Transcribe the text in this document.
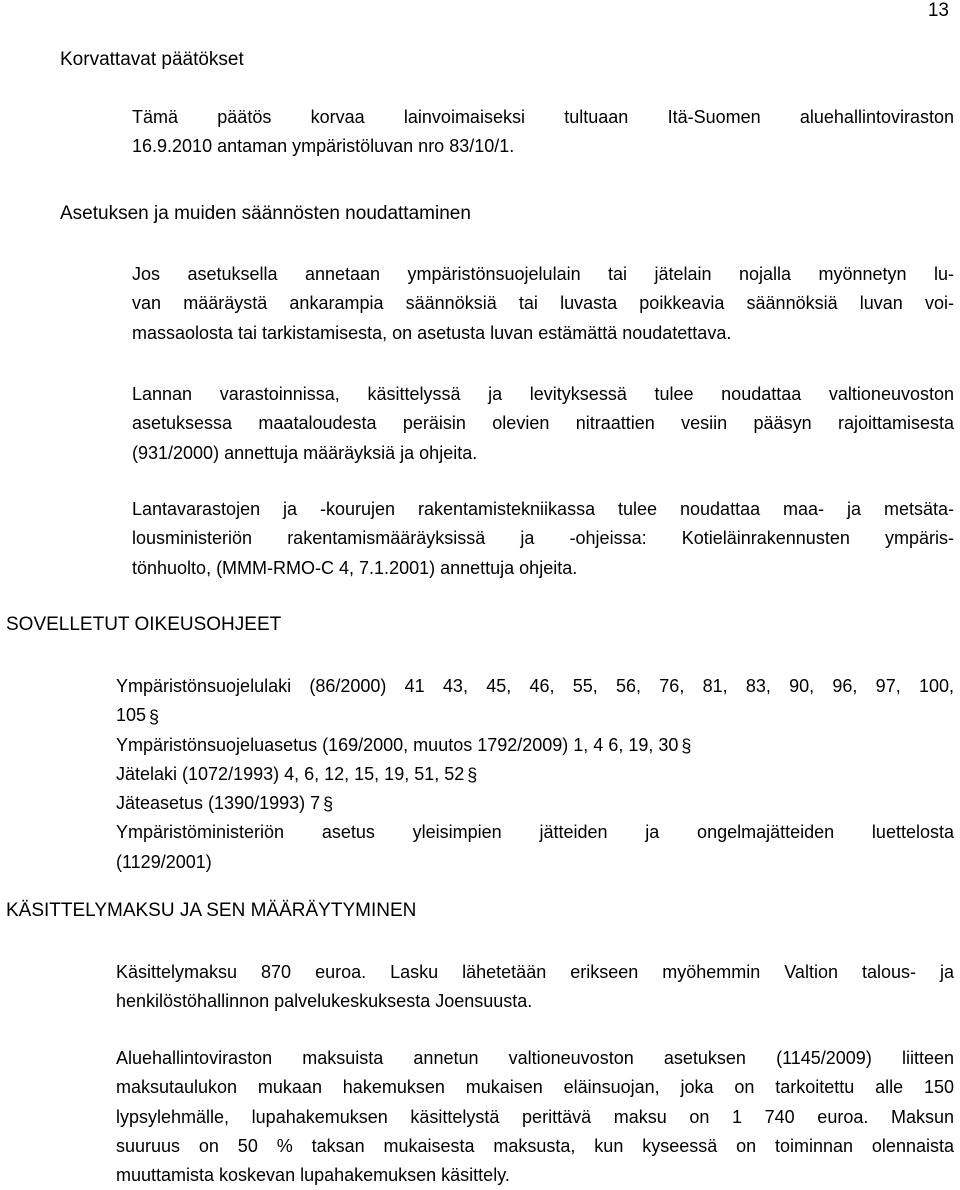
13
Korvattavat päätökset
Tämä päätös korvaa lainvoimaiseksi tultuaan Itä-Suomen aluehallintoviraston
16.9.2010 antaman ympäristöluvan nro 83/10/1.
Asetuksen ja muiden säännösten noudattaminen
Jos asetuksella annetaan ympäristönsuojelulain tai jätelain nojalla myönnetyn lu-
van määräystä ankarampia säännöksiä tai luvasta poikkeavia säännöksiä luvan voi-
massaolosta tai tarkistamisesta, on asetusta luvan estämättä noudatettava.
Lannan varastoinnissa, käsittelyssä ja levityksessä tulee noudattaa valtioneuvoston
asetuksessa maataloudesta peräisin olevien nitraattien vesiin pääsyn rajoittamisesta
(931/2000) annettuja määräyksiä ja ohjeita.
Lantavarastojen ja -kourujen rakentamistekniikassa tulee noudattaa maa- ja metsäta-
lousministeriön rakentamismääräyksissä ja -ohjeissa: Kotieläinrakennusten ympäris-
tönhuolto, (MMM-RMO-C 4, 7.1.2001) annettuja ohjeita.
SOVELLETUT OIKEUSOHJEET
Ympäristönsuojelulaki (86/2000) 41 43, 45, 46, 55, 56, 76, 81, 83, 90, 96, 97, 100,
105 §
Ympäristönsuojeluasetus (169/2000, muutos 1792/2009) 1, 4 6, 19, 30 §
Jätelaki (1072/1993) 4, 6, 12, 15, 19, 51, 52 §
Jäteasetus (1390/1993) 7 §
Ympäristöministeriön asetus yleisimpien jätteiden ja ongelmajätteiden luettelosta
(1129/2001)
KÄSITTELYMAKSU JA SEN MÄÄRÄYTYMINEN
Käsittelymaksu 870 euroa. Lasku lähetetään erikseen myöhemmin Valtion talous- ja
henkilöstöhallinnon palvelukeskuksesta Joensuusta.
Aluehallintoviraston maksuista annetun valtioneuvoston asetuksen (1145/2009) liitteen
maksutaulukon mukaan hakemuksen mukaisen eläinsuojan, joka on tarkoitettu alle 150
lypsylehmälle, lupahakemuksen käsittelystä perittävä maksu on 1 740 euroa. Maksun
suuruus on 50 % taksan mukaisesta maksusta, kun kyseessä on toiminnan olennaista
muuttamista koskevan lupahakemuksen käsittely.
